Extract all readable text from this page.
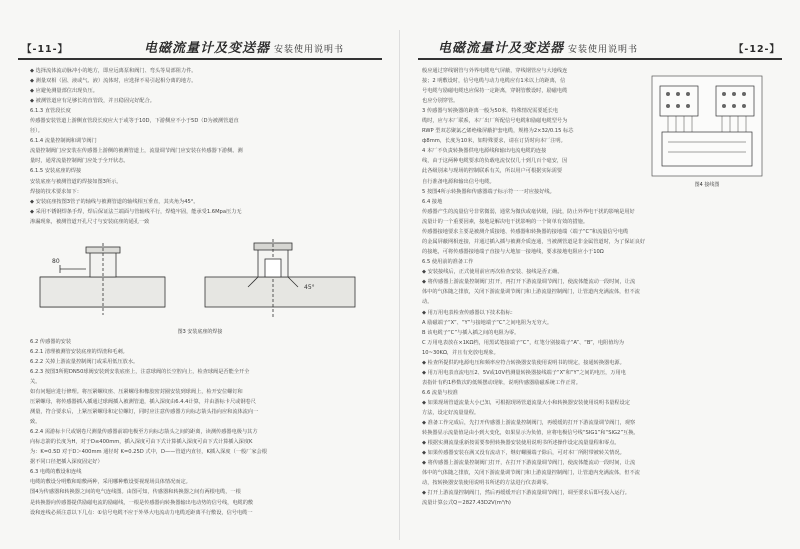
【-11-】	电磁流量计及变送器 安装使用说明书

◆ 选择流体流动脉冲小的地方，即应远离泵和阀门、弯头等局部阻力件。

◆ 测量双相（固、液或气、液）流体时，应选择不易引起相分离的地方。

◆ 应避免测量部位出现负压。

◆ 被测管道应有足够长的直管段，并且稳固完好配合。

6.1.3 直管段长度

传感器安装管道上游侧直管段长度应大于或等于10D，下游侧应不小于5D（D为被测管道直

径）。

6.1.4 流量控制阀和调节阀门

流量控制阀门应安装在传感器上游侧的被测管道上，流量调节阀门应安装在传感器下游侧。测

量时，通常流量控制阀门应处于全开状态。

6.1.5 安装底座的焊接

安装底座与被测管道的焊接如图3所示。

焊接的技术要求如下：

◆ 安装底座按图3管子的轴线与被测管道的轴线相互垂直，其夹角为45°。

◆ 采用不锈钢焊条手焊，焊后保证法兰端面与管轴线平行，焊缝牢固，能承受1.6Mpa压力无

渗漏现象，被测管道开孔尺寸与安装底座的通孔一致

80
45°
图3 安装底座的焊接

6.2 传感器的安装

6.2.1 清理被测管安装底座的焊渣和毛刺。

6.2.2 关掉上游流量控制阀门或采用低压放水。

6.2.3 按图3所附DN50球阀安装到安装底座上，注意球阀的长空腔向上，检查球阀是否能全开全

关。

如有问题应进行修理。将压紧螺纹座、压紧螺母和橡胶密封圈安装到球阀上，检开安位螺钉和

压紧螺母，将传感器插入插通过球阀插入被测管道，插入深度由6.4.4计算，并由游标卡尺或钢卷尺

测量，符合要求后，上紧压紧螺母和定位螺钉，同时应注意传感器方向标志箭头指向应和流体流向一

致。

6.2.4 需游标卡尺或钢卷尺测量传感器前端电极至方向标志箭头之间的距离，读测传感器电极与其方

向标志箭的长度为H，对于D≤400mm，插入深度可由下式计算插入深度可由下式计算插入深度K

为：K=0.5D 对于D＞400mm 通径时 K=0.25D 式中，D——管道内直径，K插入深度（一般厂家会根

据不同口径把插入深度固定好）

6.3 电缆的敷设和连线

电缆的敷设分明敷和暗敷两种，采用哪种敷设要视现场具体情况而定。

图4为传感器和转换器之间的电气连线图。由图可知，传感器和转换器之间有两根电缆，一根

是转换器向传感器提供励磁电流的励磁线，一根是传感器向转换器输出电动势的信号线，电缆的敷

设和连线必须注意以下几点：①信号电缆不应于外界大电流动力电缆近距离平行敷设，信号电缆一

电磁流量计及变送器 安装使用说明书	【-12-】

般应通过穿线钢管与外界电缆电气屏蔽，穿线钢管应与大地线连

接；2 明敷设时，信号电缆与动力电缆应有1米以上的距离，信

号电缆与励磁电缆也应保持一定距离，穿钢管敷设时，励磁电缆

也应分别穿管。

3 传感器与转换器的距离一般为50米，特殊情况需要延长电

缆时，应与本厂联系，本厂出厂所配信号电缆和励磁电缆型号为

RWP 型双芯聚氯乙烯绝缘屏蔽护套电缆，规格为2×32/0.15 标芯

ф8mm，长度为10米，如特殊要求，请在订货时向本厂注明。

4 本厂不负责转换器供电电源线和输出电流电缆的连接

线，由于这两种电缆要求的负载电流仅仅几十到几百个毫安，因

此各级别来与现场的控制联系有关，所以用户可根据实际需要

自行准备电源和输出信号电缆。

5 按图4所示转换器和传感器端子标示符一一对应接好线。

图4 接线图

6.4 接地

传感器产生的流量信号非常微弱，通常为微伏或毫伏级，因此，防止外界电干扰的影响是用好

流量计的一个重要因素，接地是解决电干扰影响的一个简单有效的措施。

传感器接地要求主要是被测介质接地、传感器和转换器的接地端（端子“C”和流量信号电缆

的金属屏蔽网相连接，并通过插入插与被测介质连通，当被测管道是非金属管道时，为了保证良好

的接地，可将传感器接地端子直接与大地加一接地线，要求接地电阻应小于10Ω

6.5 使用前的准备工作

◆ 安装接线后，正式使用前应再次检查安装、接线是否正确。

◆ 将传感器上游流量控制阀门打开，再打开下游流量调节阀门，使流体能流动一段时间，让流

体中的气体随之排放，关闭下游流量调节阀门和上游流量控制阀门，让管道内充满流体，但不流

动。

◆ 用万用电表检查传感器以下技术指标：

A 励磁端子“X”、“Y”与接地端子“C”之间电阻为无穷大。

B 该电缆子“C”与插入插之间的电阻为零。

C 万用电表放在×1KΩ档，用黑试笔接端子“C”，红笔分别接端子“A”、“B”，电阻值均为

10~30KΩ，并且有充放电现象。

◆ 检查所提供的电源电压和频率应符合转换器安装使用说明书的规定，接通转换器电源。

◆ 用万用电表直流电压2、5V或10V档测量转换器接线端子“X”和“Y”之间的电压，万用电

表指针有约1秒数次的低频摆动现象，说明传感器励磁系统工作正常。

6.6 流量与校准

◆ 如果现场管道流量大小已知，可根据现场管道流量大小和转换器安装使用说明书量程设定

方法，设定好流量量程。

◆ 准备工作完成后，先打开传感器上游流量控制阀门，再缓缓的打开下游流量调节阀门，观察

转换器显示流量值是由小到大变化，如果显示为负值，应将电极信号线“SIG1”和“SIG2”互换。

◆ 根据实测流量重新按需要参照转换器安装使用说明书所述操作设定流量量程和零点。

◆ 如果传感器安装在满又没有流动下，继好螺圈端子除后，可对本厂所附带被转关情况。

◆ 将传感器上游流量控制阀门打开，在打开下游流量调节阀门，使流体能流动一段时间，让流

体中的气体随之排放，关闭下游流量调节阀门和上游流量控制阀门，让管道内充满流体，但不流

动，按转换器安装使用说明书所述的方法进行仪表调零。

◆ 打开上游流量控制阀门，然后再缓缓开启下游流量调节阀门，调至要求后即可投入运行。

流量计算公式Q＝2827.43D2V(m³/h)
